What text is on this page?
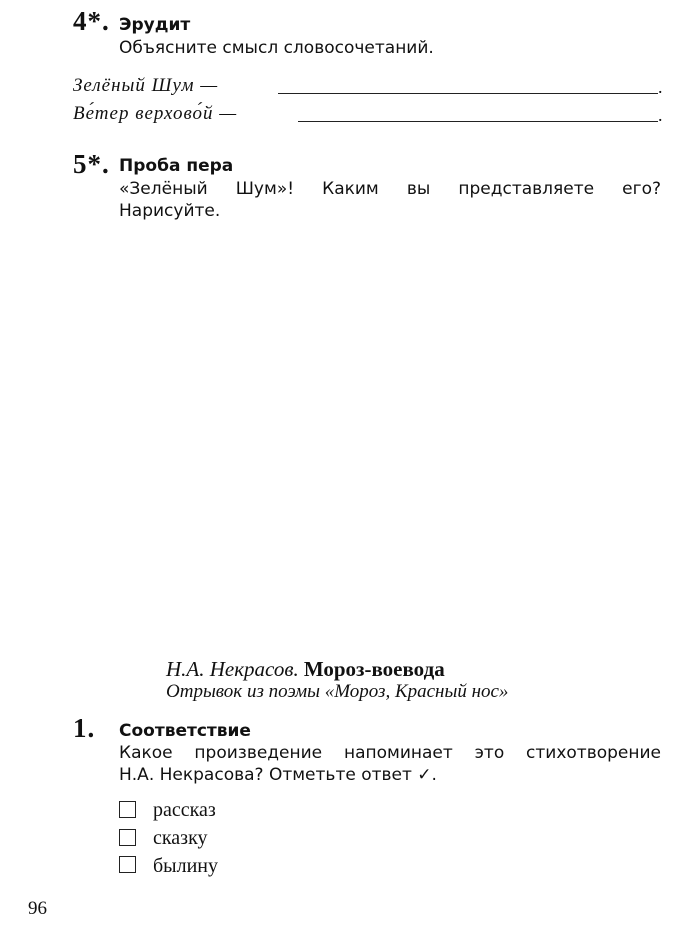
4*. Эрудит
Объясните смысл словосочетаний.
Зелёный Шум —	.
Ве́тер верхово́й —	.
5*. Проба пера
«Зелёный Шум»! Каким вы представляете его?
Нарисуйте.
Н.А. Некрасов. Мороз-воевода
Отрывок из поэмы «Мороз, Красный нос»
1. Соответствие
Какое произведение напоминает это стихотворение
Н.А. Некрасова? Отметьте ответ ✓.
рассказ
сказку
былину
96
